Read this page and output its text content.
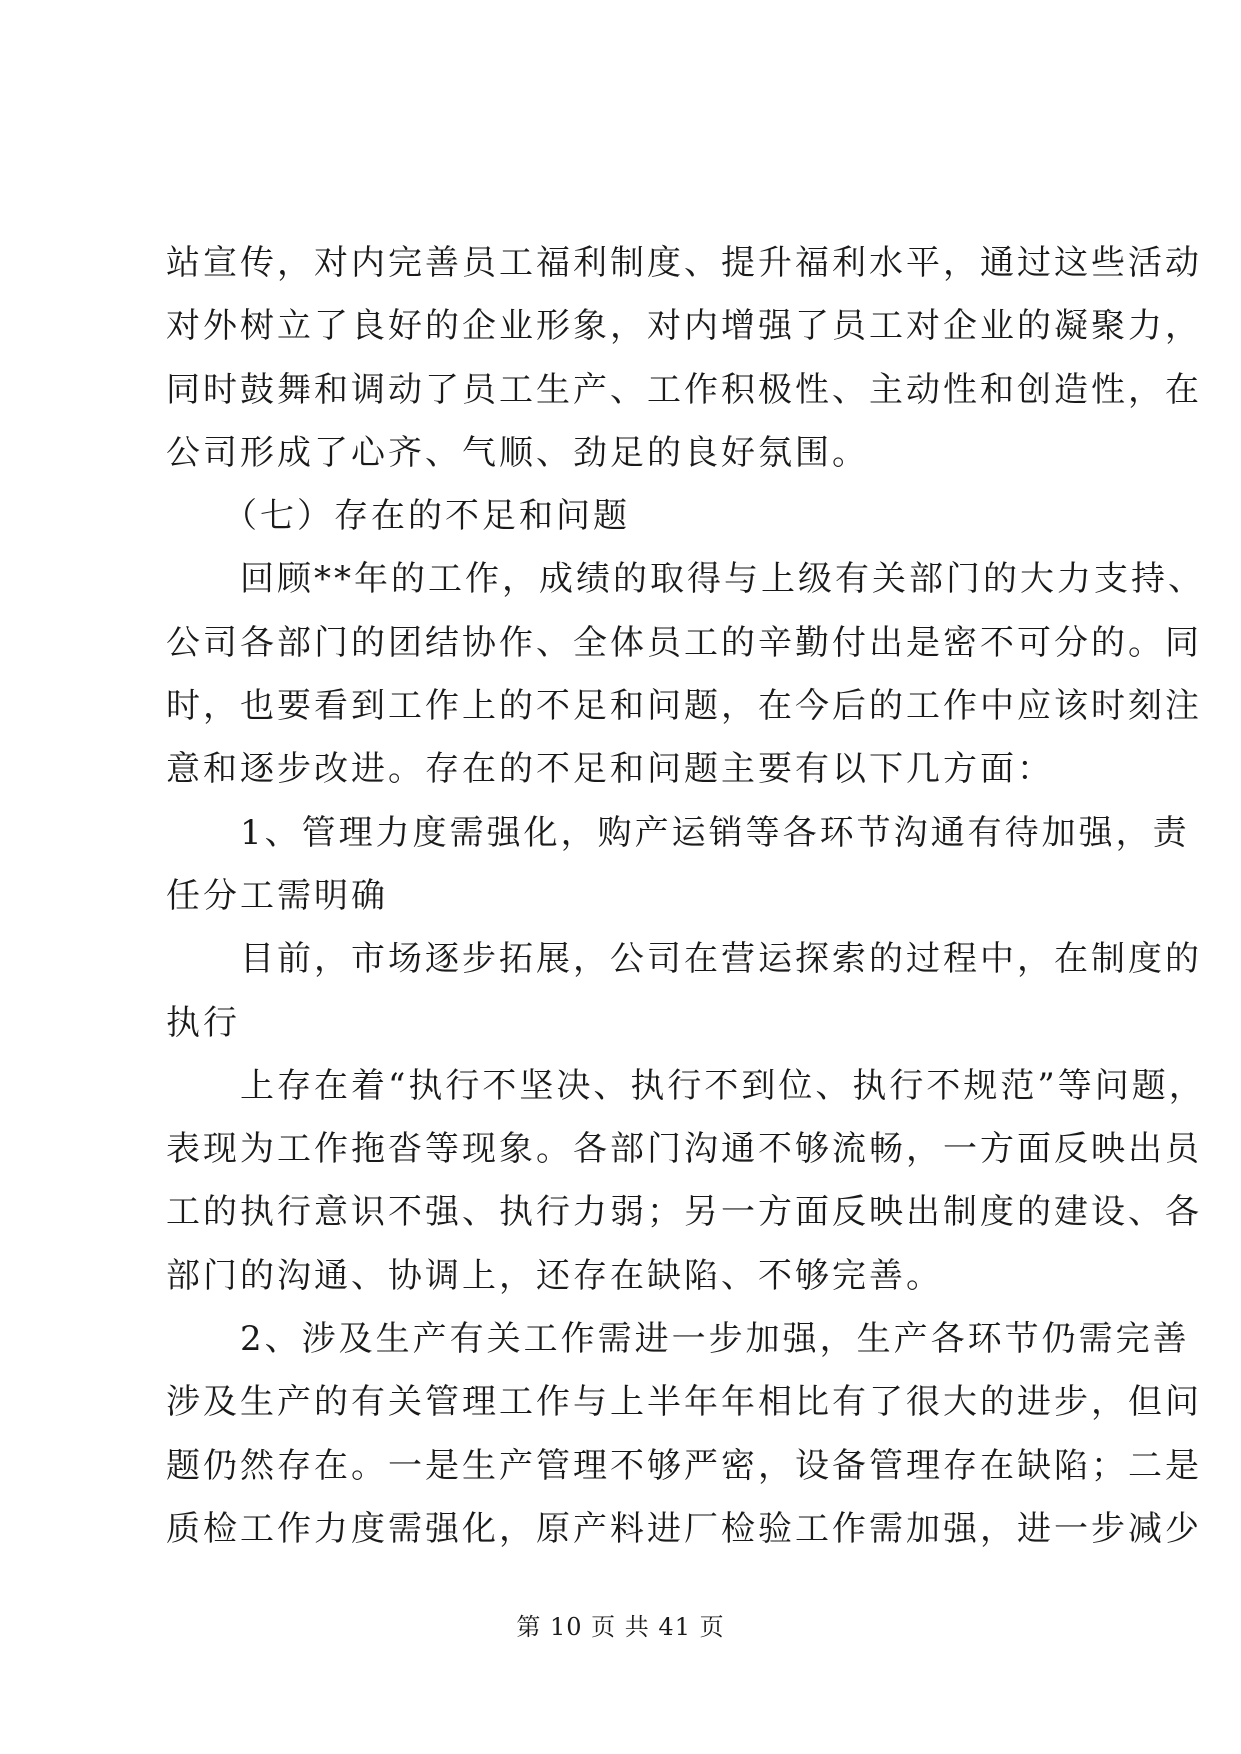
站宣传，对内完善员工福利制度、提升福利水平，通过这些活动
对外树立了良好的企业形象，对内增强了员工对企业的凝聚力，
同时鼓舞和调动了员工生产、工作积极性、主动性和创造性，在
公司形成了心齐、气顺、劲足的良好氛围。
　　（七）存在的不足和问题
　　回顾**年的工作，成绩的取得与上级有关部门的大力支持、
公司各部门的团结协作、全体员工的辛勤付出是密不可分的。同
时，也要看到工作上的不足和问题，在今后的工作中应该时刻注
意和逐步改进。存在的不足和问题主要有以下几方面：
　　1、管理力度需强化，购产运销等各环节沟通有待加强，责
任分工需明确
　　目前，市场逐步拓展，公司在营运探索的过程中，在制度的
执行
　　上存在着“执行不坚决、执行不到位、执行不规范”等问题，
表现为工作拖沓等现象。各部门沟通不够流畅，一方面反映出员
工的执行意识不强、执行力弱；另一方面反映出制度的建设、各
部门的沟通、协调上，还存在缺陷、不够完善。
　　2、涉及生产有关工作需进一步加强，生产各环节仍需完善
涉及生产的有关管理工作与上半年年相比有了很大的进步，但问
题仍然存在。一是生产管理不够严密，设备管理存在缺陷；二是
质检工作力度需强化，原产料进厂检验工作需加强，进一步减少
第 10 页 共 41 页
